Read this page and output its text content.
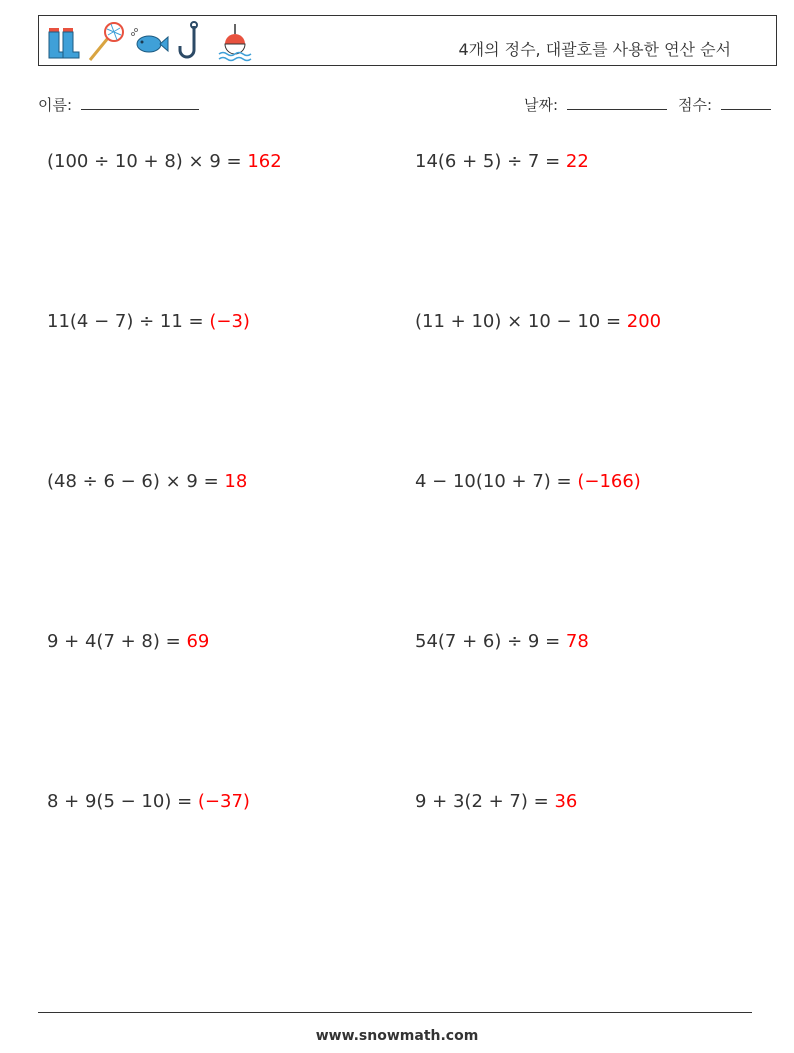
4개의 정수, 대괄호를 사용한 연산 순서
이름:	날짜:	점수:
(100 ÷ 10 + 8) × 9 = 162	14(6 + 5) ÷ 7 = 22
11(4 − 7) ÷ 11 = (−3)	(11 + 10) × 10 − 10 = 200
(48 ÷ 6 − 6) × 9 = 18	4 − 10(10 + 7) = (−166)
9 + 4(7 + 8) = 69	54(7 + 6) ÷ 9 = 78
8 + 9(5 − 10) = (−37)	9 + 3(2 + 7) = 36
www.snowmath.com
